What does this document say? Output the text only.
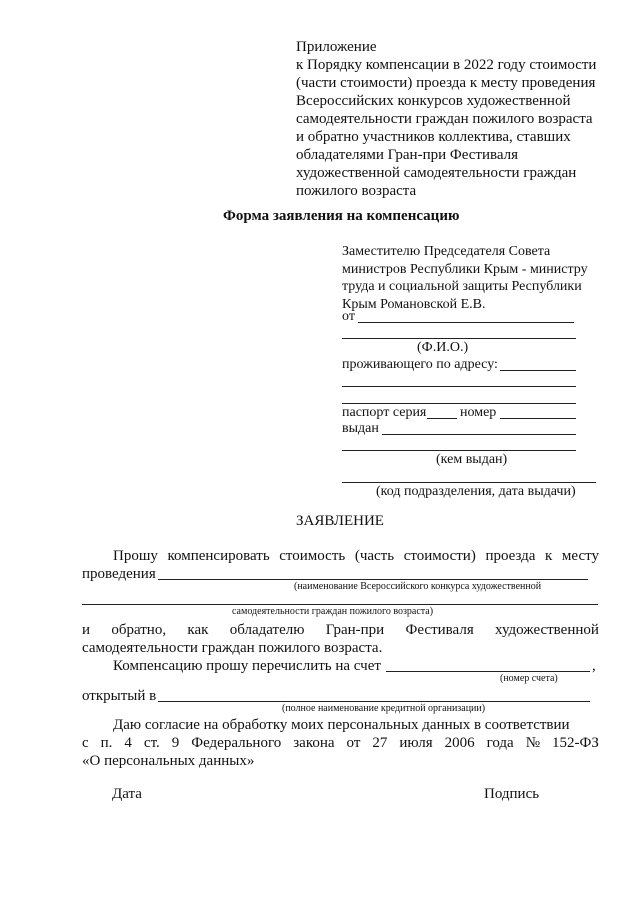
Приложение
к Порядку компенсации в 2022 году стоимости
(части стоимости) проезда к месту проведения
Всероссийских конкурсов художественной
самодеятельности граждан пожилого возраста
и обратно участников коллектива, ставших
обладателями Гран-при Фестиваля
художественной самодеятельности граждан
пожилого возраста
Форма заявления на компенсацию
Заместителю Председателя Совета
министров Республики Крым - министру
труда и социальной защиты Республики
Крым Романовской Е.В.
от
(Ф.И.О.)
проживающего по адресу:
паспорт серия номер
выдан
(кем выдан)
(код подразделения, дата выдачи)
ЗАЯВЛЕНИЕ
Прошу компенсировать стоимость (часть стоимости) проезда к месту
проведения
(наименование Всероссийского конкурса художественной
самодеятельности граждан пожилого возраста)
и обратно, как обладателю Гран-при Фестиваля художественной
самодеятельности граждан пожилого возраста.
Компенсацию прошу перечислить на счет	,
(номер счета)
открытый в
(полное наименование кредитной организации)
Даю согласие на обработку моих персональных данных в соответствии
с п. 4 ст. 9 Федерального закона от 27 июля 2006 года № 152-ФЗ
«О персональных данных»
Дата	Подпись
